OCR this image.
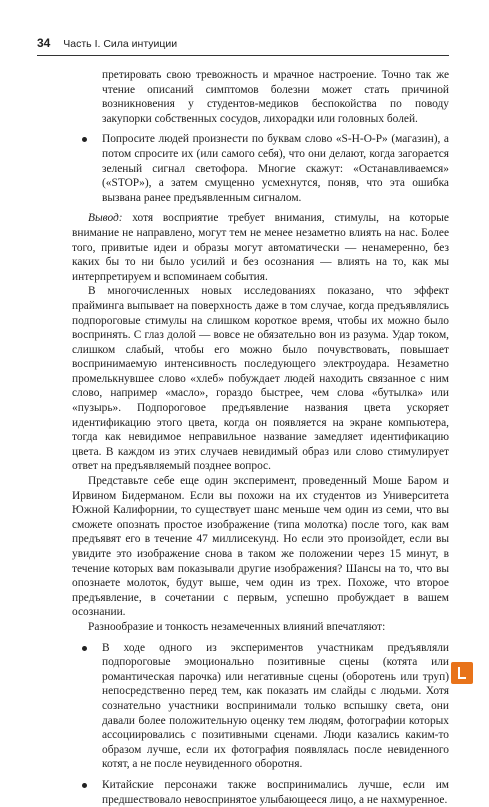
34 Часть I. Сила интуиции

претировать свою тревожность и мрачное настроение. Точно так же чтение описаний симптомов болезни может стать причиной возникновения у студентов-медиков беспокойства по поводу закупорки собственных сосудов, лихорадки или головных болей.

Попросите людей произнести по буквам слово «S-H-O-P» (магазин), а потом спросите их (или самого себя), что они делают, когда загорается зеленый сигнал светофора. Многие скажут: «Останавливаемся» («STOP»), а затем смущенно усмехнутся, поняв, что эта ошибка вызвана ранее предъявленным сигналом.

Вывод: хотя восприятие требует внимания, стимулы, на которые внимание не направлено, могут тем не менее незаметно влиять на нас. Более того, привитые идеи и образы могут автоматически — ненамеренно, без каких бы то ни было усилий и без осознания — влиять на то, как мы интерпретируем и вспоминаем события.

В многочисленных новых исследованиях показано, что эффект прайминга выпывает на поверхность даже в том случае, когда предъявлялись подпороговые стимулы на слишком короткое время, чтобы их можно было воспринять. С глаз долой — вовсе не обязательно вон из разума. Удар током, слишком слабый, чтобы его можно было почувствовать, повышает воспринимаемую интенсивность последующего электроудара. Незаметно промелькнувшее слово «хлеб» побуждает людей находить связанное с ним слово, например «масло», гораздо быстрее, чем слова «бутылка» или «пузырь». Подпороговое предъявление названия цвета ускоряет идентификацию этого цвета, когда он появляется на экране компьютера, тогда как невидимое неправильное название замедляет идентификацию цвета. В каждом из этих случаев невидимый образ или слово стимулирует ответ на предъявляемый позднее вопрос.

Представьте себе еще один эксперимент, проведенный Моше Баром и Ирвином Бидерманом. Если вы похожи на их студентов из Университета Южной Калифорнии, то существует шанс меньше чем один из семи, что вы сможете опознать простое изображение (типа молотка) после того, как вам предъявят его в течение 47 миллисекунд. Но если это произойдет, если вы увидите это изображение снова в таком же положении через 15 минут, в течение которых вам показывали другие изображения? Шансы на то, что вы опознаете молоток, будут выше, чем один из трех. Похоже, что второе предъявление, в сочетании с первым, успешно пробуждает в вашем осознании.

Разнообразие и тонкость незамеченных влияний впечатляют:

В ходе одного из экспериментов участникам предъявляли подпороговые эмоционально позитивные сцены (котята или романтическая парочка) или негативные сцены (оборотень или труп) непосредственно перед тем, как показать им слайды с людьми. Хотя сознательно участники воспринимали только вспышку света, они давали более положительную оценку тем людям, фотографии которых ассоциировались с позитивными сценами. Люди казались каким-то образом лучше, если их фотография появлялась после невиденного котят, а не после неувиденного оборотня.

Китайские персонажи также воспринимались лучше, если им предшествовало невоспринятое улыбающееся лицо, а не нахмуренное.
